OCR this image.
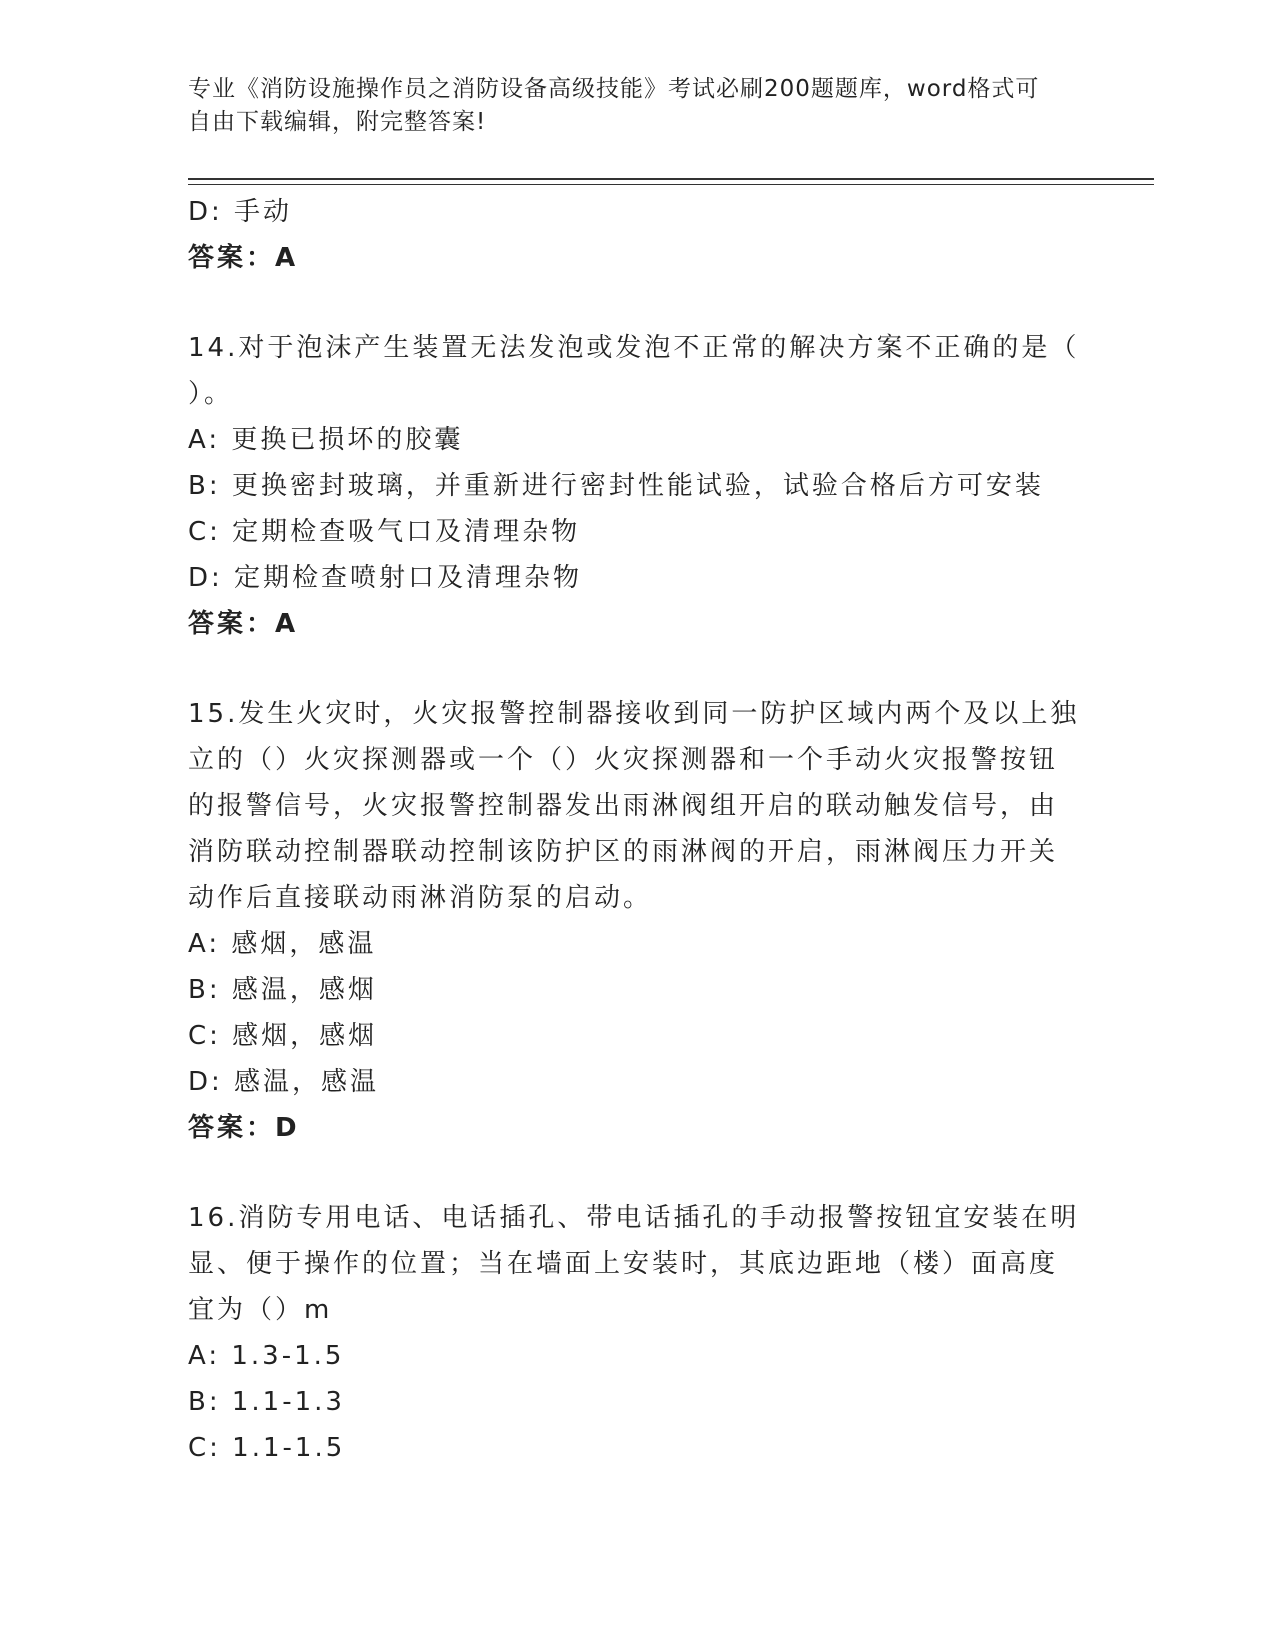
专业《消防设施操作员之消防设备高级技能》考试必刷200题题库，word格式可
自由下载编辑，附完整答案!
D: 手动
答案：A
14.对于泡沫产生装置无法发泡或发泡不正常的解决方案不正确的是（
）。
A: 更换已损坏的胶囊
B: 更换密封玻璃，并重新进行密封性能试验，试验合格后方可安装
C: 定期检查吸气口及清理杂物
D: 定期检查喷射口及清理杂物
答案：A
15.发生火灾时，火灾报警控制器接收到同一防护区域内两个及以上独
立的（）火灾探测器或一个（）火灾探测器和一个手动火灾报警按钮
的报警信号，火灾报警控制器发出雨淋阀组开启的联动触发信号，由
消防联动控制器联动控制该防护区的雨淋阀的开启，雨淋阀压力开关
动作后直接联动雨淋消防泵的启动。
A: 感烟，感温
B: 感温，感烟
C: 感烟，感烟
D: 感温，感温
答案：D
16.消防专用电话、电话插孔、带电话插孔的手动报警按钮宜安装在明
显、便于操作的位置；当在墙面上安装时，其底边距地（楼）面高度
宜为（）m
A: 1.3-1.5
B: 1.1-1.3
C: 1.1-1.5
